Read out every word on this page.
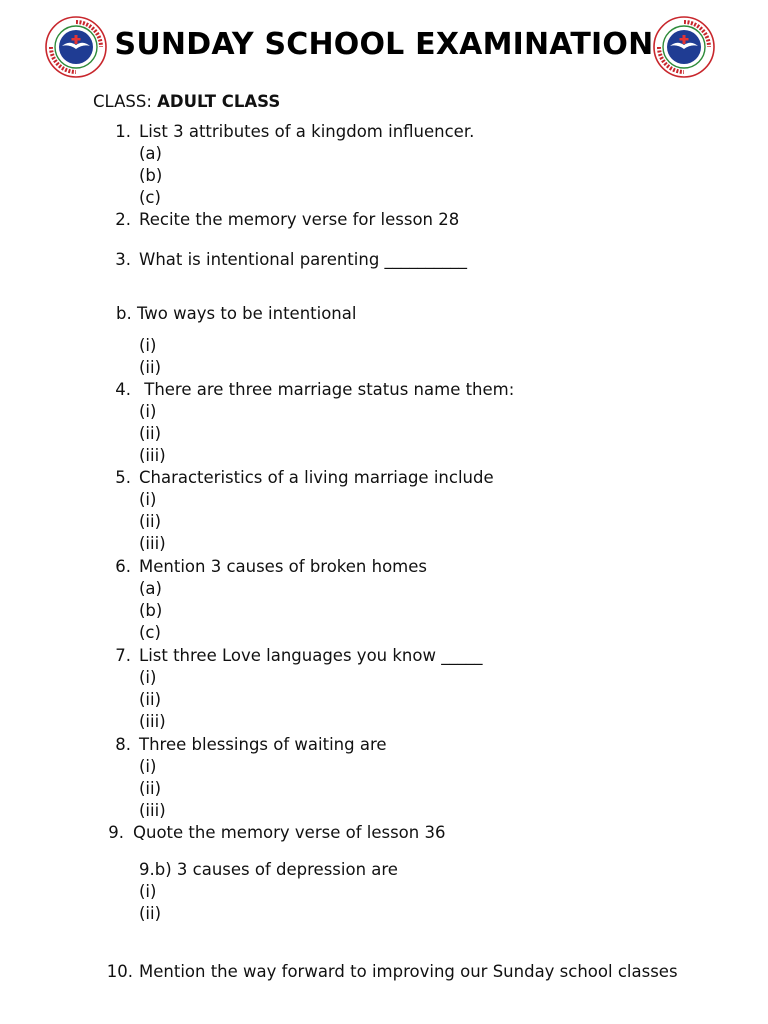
SUNDAY SCHOOL EXAMINATION
CLASS: ADULT CLASS
1. List 3 attributes of a kingdom influencer.
(a)
(b)
(c)
2. Recite the memory verse for lesson 28
3. What is intentional parenting __________
b. Two ways to be intentional
(i)
(ii)
4. There are three marriage status name them:
(i)
(ii)
(iii)
5. Characteristics of a living marriage include
(i)
(ii)
(iii)
6. Mention 3 causes of broken homes
(a)
(b)
(c)
7. List three Love languages you know _____
(i)
(ii)
(iii)
8. Three blessings of waiting are
(i)
(ii)
(iii)
9. Quote the memory verse of lesson 36
9.b) 3 causes of depression are
(i)
(ii)
10. Mention the way forward to improving our Sunday school classes
